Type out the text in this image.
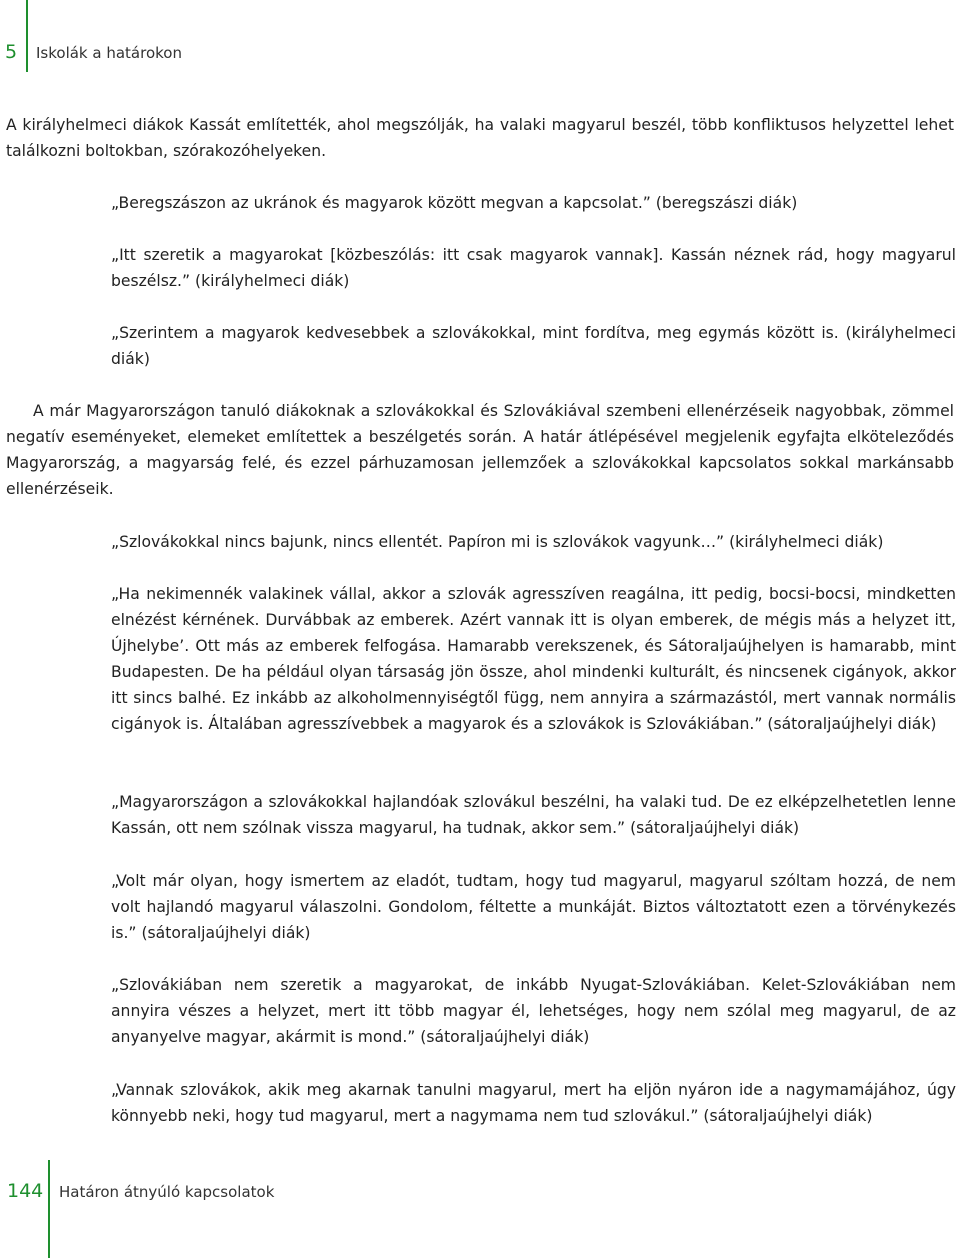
5 Iskolák a határokon

A királyhelmeci diákok Kassát említették, ahol megszólják, ha valaki magyarul beszél, több konfliktusos helyzettel lehet találkozni boltokban, szórakozóhelyeken.

„Beregszászon az ukránok és magyarok között megvan a kapcsolat.” (beregszászi diák)

„Itt szeretik a magyarokat [közbeszólás: itt csak magyarok vannak]. Kassán néznek rád, hogy magyarul beszélsz.” (királyhelmeci diák)

„Szerintem a magyarok kedvesebbek a szlovákokkal, mint fordítva, meg egymás között is. (királyhelmeci diák)

A már Magyarországon tanuló diákoknak a szlovákokkal és Szlovákiával szembeni ellenérzéseik nagyobbak, zömmel negatív eseményeket, elemeket említettek a beszélgetés során. A határ átlépésével megjelenik egyfajta elköteleződés Magyarország, a magyarság felé, és ezzel párhuzamosan jellemzőek a szlovákokkal kapcsolatos sokkal markánsabb ellenérzéseik.

„Szlovákokkal nincs bajunk, nincs ellentét. Papíron mi is szlovákok vagyunk…” (királyhelmeci diák)

„Ha nekimennék valakinek vállal, akkor a szlovák agresszíven reagálna, itt pedig, bocsi-bocsi, mindketten elnézést kérnének. Durvábbak az emberek. Azért vannak itt is olyan emberek, de mégis más a helyzet itt, Újhelybe’. Ott más az emberek felfogása. Hamarabb verekszenek, és Sátoraljaújhelyen is hamarabb, mint Budapesten. De ha például olyan társaság jön össze, ahol mindenki kulturált, és nincsenek cigányok, akkor itt sincs balhé. Ez inkább az alkoholmennyiségtől függ, nem annyira a származástól, mert vannak normális cigányok is. Általában agresszívebbek a magyarok és a szlovákok is Szlovákiában.” (sátoraljaújhelyi diák)

„Magyarországon a szlovákokkal hajlandóak szlovákul beszélni, ha valaki tud. De ez elképzelhetetlen lenne Kassán, ott nem szólnak vissza magyarul, ha tudnak, akkor sem.” (sátoraljaújhelyi diák)

„Volt már olyan, hogy ismertem az eladót, tudtam, hogy tud magyarul, magyarul szóltam hozzá, de nem volt hajlandó magyarul válaszolni. Gondolom, féltette a munkáját. Biztos változtatott ezen a törvénykezés is.” (sátoraljaújhelyi diák)

„Szlovákiában nem szeretik a magyarokat, de inkább Nyugat-Szlovákiában. Kelet-Szlovákiában nem annyira vészes a helyzet, mert itt több magyar él, lehetséges, hogy nem szólal meg magyarul, de az anyanyelve magyar, akármit is mond.” (sátoraljaújhelyi diák)

„Vannak szlovákok, akik meg akarnak tanulni magyarul, mert ha eljön nyáron ide a nagymamájához, úgy könnyebb neki, hogy tud magyarul, mert a nagymama nem tud szlovákul.” (sátoraljaújhelyi diák)

144 Határon átnyúló kapcsolatok
